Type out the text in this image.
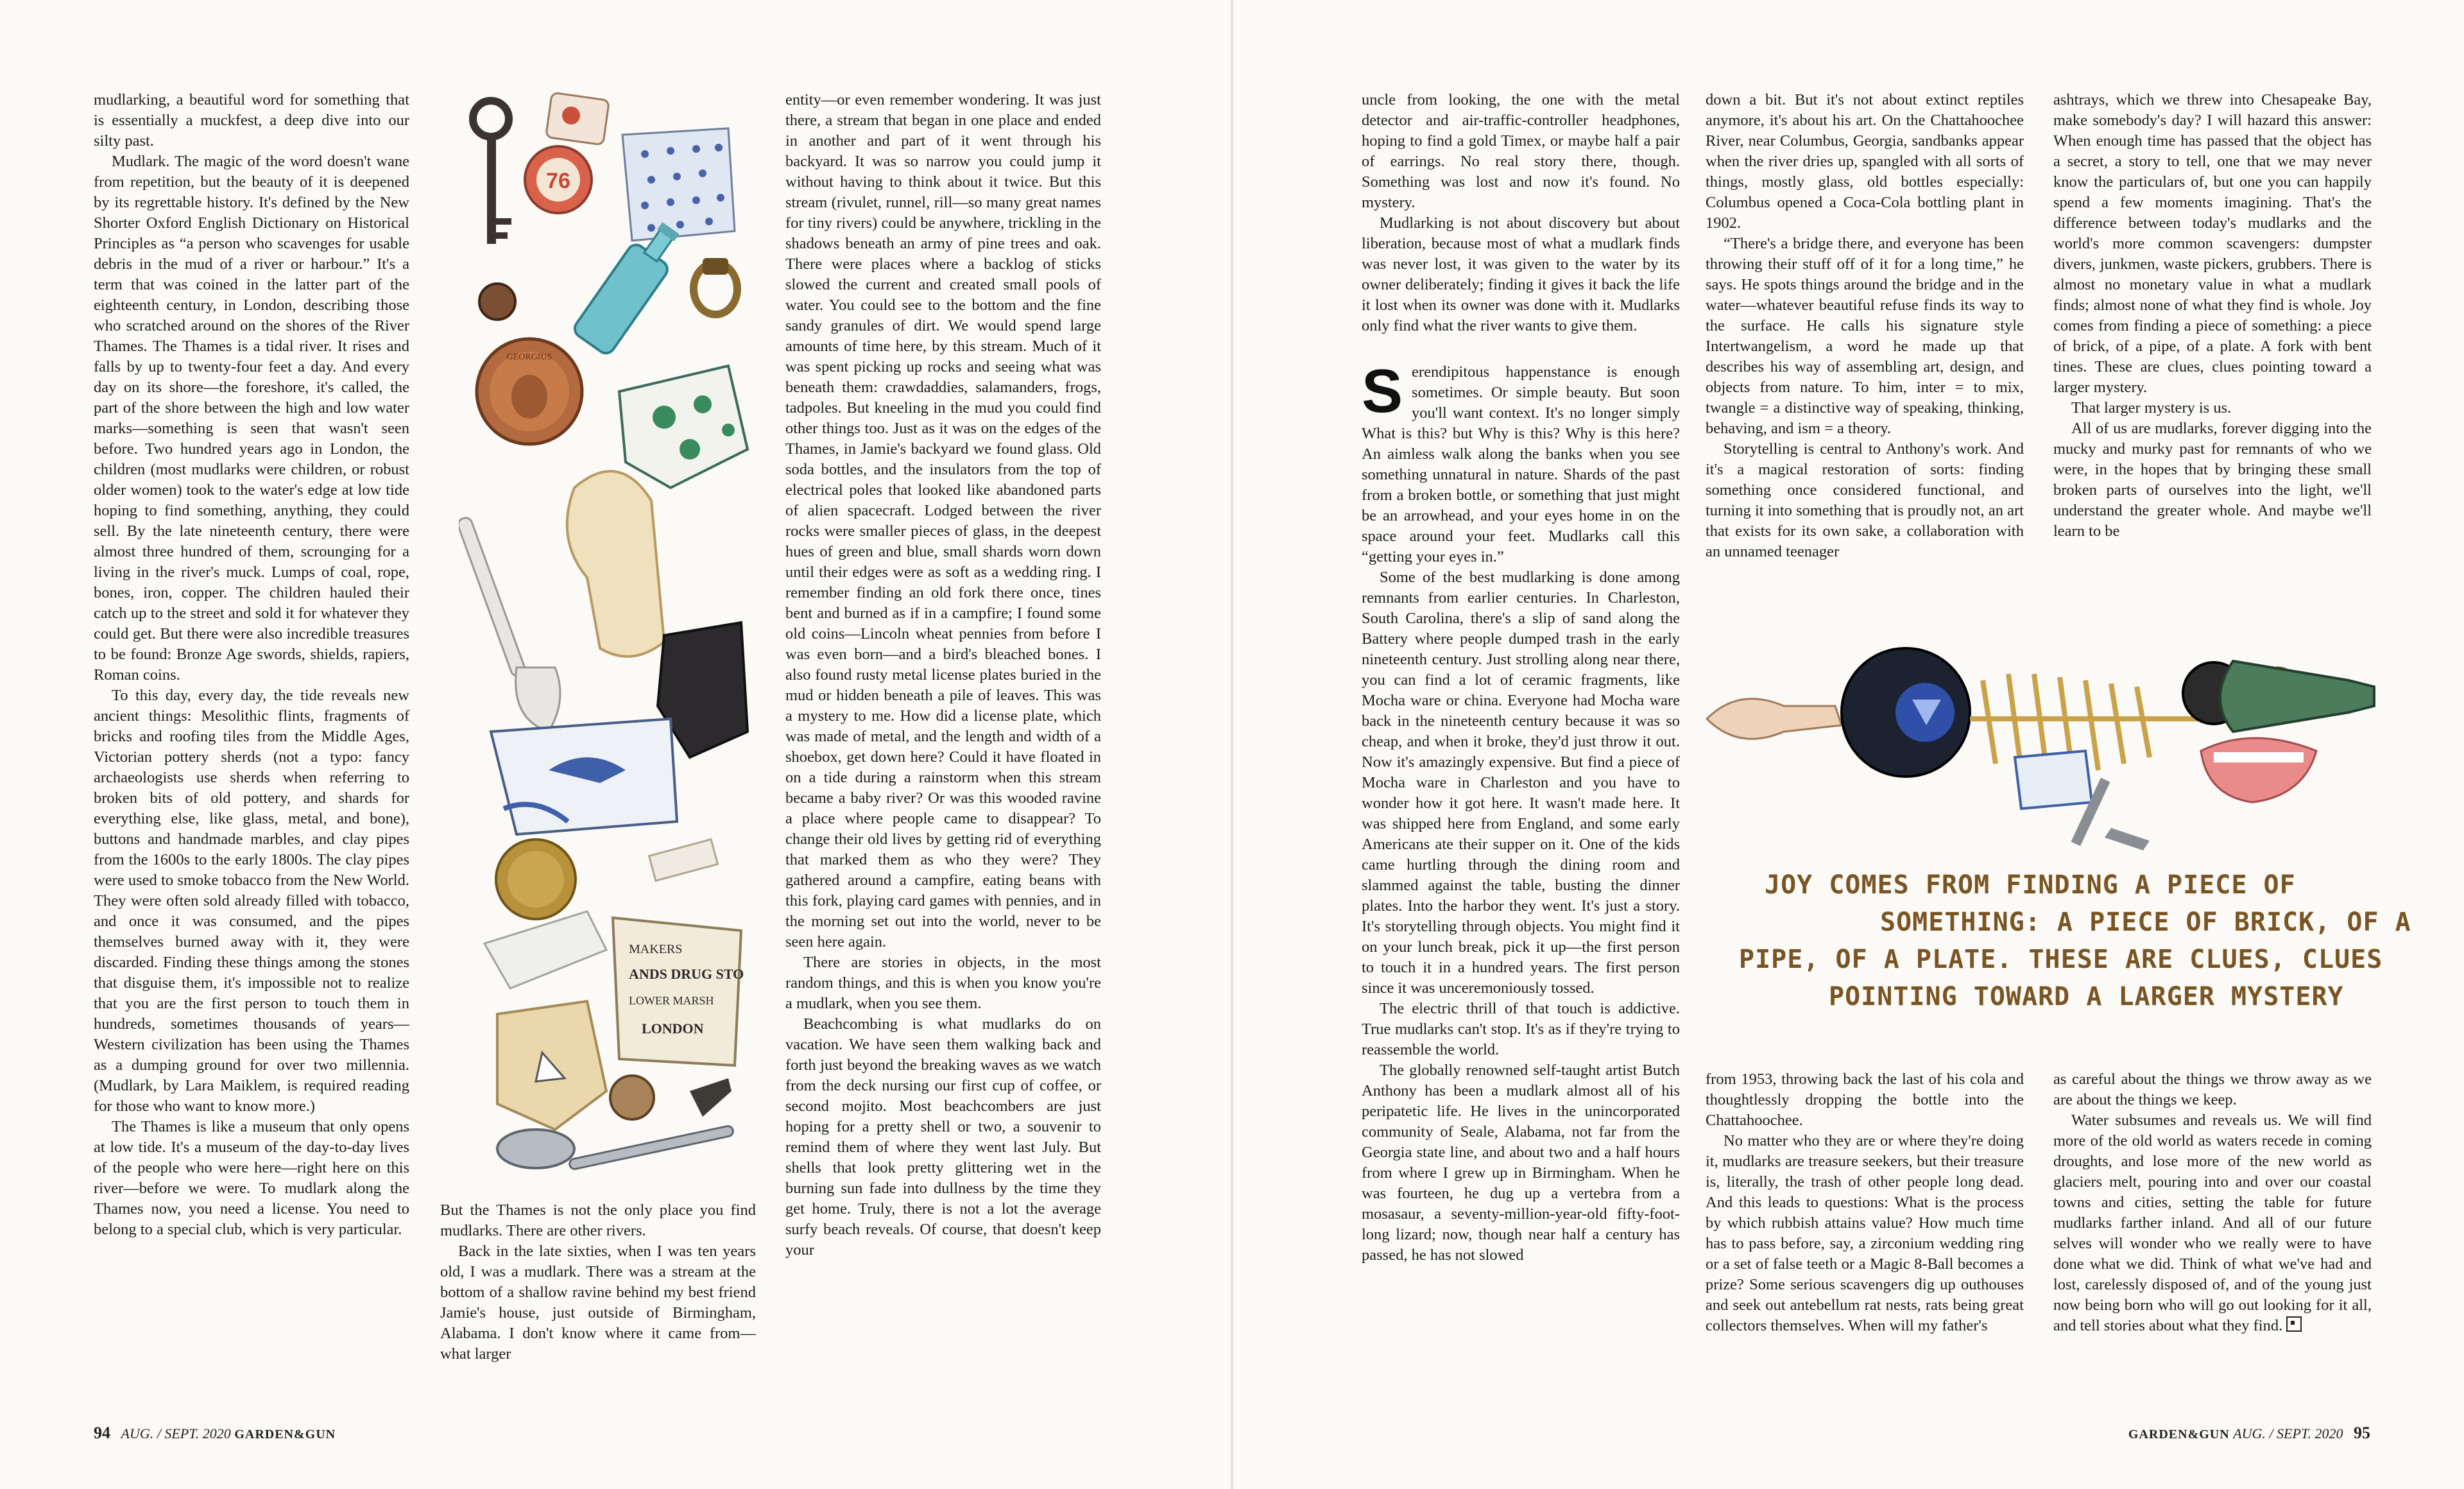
mudlarking, a beautiful word for something that is essentially a muckfest, a deep dive into our silty past.

Mudlark. The magic of the word doesn't wane from repetition, but the beauty of it is deepened by its regrettable history. It's defined by the New Shorter Oxford English Dictionary on Historical Principles as “a person who scavenges for usable debris in the mud of a river or harbour.” It's a term that was coined in the latter part of the eighteenth century, in London, describing those who scratched around on the shores of the River Thames. The Thames is a tidal river. It rises and falls by up to twenty-four feet a day. And every day on its shore—the foreshore, it's called, the part of the shore between the high and low water marks—something is seen that wasn't seen before. Two hundred years ago in London, the children (most mudlarks were children, or robust older women) took to the water's edge at low tide hoping to find something, anything, they could sell. By the late nineteenth century, there were almost three hundred of them, scrounging for a living in the river's muck. Lumps of coal, rope, bones, iron, copper. The children hauled their catch up to the street and sold it for whatever they could get. But there were also incredible treasures to be found: Bronze Age swords, shields, rapiers, Roman coins.

To this day, every day, the tide reveals new ancient things: Mesolithic flints, fragments of bricks and roofing tiles from the Middle Ages, Victorian pottery sherds (not a typo: fancy archaeologists use sherds when referring to broken bits of old pottery, and shards for everything else, like glass, metal, and bone), buttons and handmade marbles, and clay pipes from the 1600s to the early 1800s. The clay pipes were used to smoke tobacco from the New World. They were often sold already filled with tobacco, and once it was consumed, and the pipes themselves burned away with it, they were discarded. Finding these things among the stones that disguise them, it's impossible not to realize that you are the first person to touch them in hundreds, sometimes thousands of years—Western civilization has been using the Thames as a dumping ground for over two millennia. (Mudlark, by Lara Maiklem, is required reading for those who want to know more.)

The Thames is like a museum that only opens at low tide. It's a museum of the day-to-day lives of the people who were here—right here on this river—before we were. To mudlark along the Thames now, you need a license. You need to belong to a special club, which is very particular.

76
GEORGIUS
MAKERS
ANDS DRUG STO
LOWER MARSH
LONDON

But the Thames is not the only place you find mudlarks. There are other rivers.

Back in the late sixties, when I was ten years old, I was a mudlark. There was a stream at the bottom of a shallow ravine behind my best friend Jamie's house, just outside of Birmingham, Alabama. I don't know where it came from—what larger

entity—or even remember wondering. It was just there, a stream that began in one place and ended in another and part of it went through his backyard. It was so narrow you could jump it without having to think about it twice. But this stream (rivulet, runnel, rill—so many great names for tiny rivers) could be anywhere, trickling in the shadows beneath an army of pine trees and oak. There were places where a backlog of sticks slowed the current and created small pools of water. You could see to the bottom and the fine sandy granules of dirt. We would spend large amounts of time here, by this stream. Much of it was spent picking up rocks and seeing what was beneath them: crawdaddies, salamanders, frogs, tadpoles. But kneeling in the mud you could find other things too. Just as it was on the edges of the Thames, in Jamie's backyard we found glass. Old soda bottles, and the insulators from the top of electrical poles that looked like abandoned parts of alien spacecraft. Lodged between the river rocks were smaller pieces of glass, in the deepest hues of green and blue, small shards worn down until their edges were as soft as a wedding ring. I remember finding an old fork there once, tines bent and burned as if in a campfire; I found some old coins—Lincoln wheat pennies from before I was even born—and a bird's bleached bones. I also found rusty metal license plates buried in the mud or hidden beneath a pile of leaves. This was a mystery to me. How did a license plate, which was made of metal, and the length and width of a shoebox, get down here? Could it have floated in on a tide during a rainstorm when this stream became a baby river? Or was this wooded ravine a place where people came to disappear? To change their old lives by getting rid of everything that marked them as who they were? They gathered around a campfire, eating beans with this fork, playing card games with pennies, and in the morning set out into the world, never to be seen here again.

There are stories in objects, in the most random things, and this is when you know you're a mudlark, when you see them.

Beachcombing is what mudlarks do on vacation. We have seen them walking back and forth just beyond the breaking waves as we watch from the deck nursing our first cup of coffee, or second mojito. Most beachcombers are just hoping for a pretty shell or two, a souvenir to remind them of where they went last July. But shells that look pretty glittering wet in the burning sun fade into dullness by the time they get home. Truly, there is not a lot the average surfy beach reveals. Of course, that doesn't keep your

94 AUG. / SEPT. 2020 GARDEN&GUN

uncle from looking, the one with the metal detector and air-traffic-controller headphones, hoping to find a gold Timex, or maybe half a pair of earrings. No real story there, though. Something was lost and now it's found. No mystery.

Mudlarking is not about discovery but about liberation, because most of what a mudlark finds was never lost, it was given to the water by its owner deliberately; finding it gives it back the life it lost when its owner was done with it. Mudlarks only find what the river wants to give them.

Serendipitous happenstance is enough sometimes. Or simple beauty. But soon you'll want context. It's no longer simply What is this? but Why is this? Why is this here? An aimless walk along the banks when you see something unnatural in nature. Shards of the past from a broken bottle, or something that just might be an arrowhead, and your eyes home in on the space around your feet. Mudlarks call this “getting your eyes in.”

Some of the best mudlarking is done among remnants from earlier centuries. In Charleston, South Carolina, there's a slip of sand along the Battery where people dumped trash in the early nineteenth century. Just strolling along near there, you can find a lot of ceramic fragments, like Mocha ware or china. Everyone had Mocha ware back in the nineteenth century because it was so cheap, and when it broke, they'd just throw it out. Now it's amazingly expensive. But find a piece of Mocha ware in Charleston and you have to wonder how it got here. It wasn't made here. It was shipped here from England, and some early Americans ate their supper on it. One of the kids came hurtling through the dining room and slammed against the table, busting the dinner plates. Into the harbor they went. It's just a story. It's storytelling through objects. You might find it on your lunch break, pick it up—the first person to touch it in a hundred years. The first person since it was unceremoniously tossed.

The electric thrill of that touch is addictive. True mudlarks can't stop. It's as if they're trying to reassemble the world.

The globally renowned self-taught artist Butch Anthony has been a mudlark almost all of his peripatetic life. He lives in the unincorporated community of Seale, Alabama, not far from the Georgia state line, and about two and a half hours from where I grew up in Birmingham. When he was fourteen, he dug up a vertebra from a mosasaur, a seventy-million-year-old fifty-foot-long lizard; now, though near half a century has passed, he has not slowed

down a bit. But it's not about extinct reptiles anymore, it's about his art. On the Chattahoochee River, near Columbus, Georgia, sandbanks appear when the river dries up, spangled with all sorts of things, mostly glass, old bottles especially: Columbus opened a Coca-Cola bottling plant in 1902.

“There's a bridge there, and everyone has been throwing their stuff off of it for a long time,” he says. He spots things around the bridge and in the water—whatever beautiful refuse finds its way to the surface. He calls his signature style Intertwangelism, a word he made up that describes his way of assembling art, design, and objects from nature. To him, inter = to mix, twangle = a distinctive way of speaking, thinking, behaving, and ism = a theory.

Storytelling is central to Anthony's work. And it's a magical restoration of sorts: finding something once considered functional, and turning it into something that is proudly not, an art that exists for its own sake, a collaboration with an unnamed teenager

ashtrays, which we threw into Chesapeake Bay, make somebody's day? I will hazard this answer: When enough time has passed that the object has a secret, a story to tell, one that we may never know the particulars of, but one you can happily spend a few moments imagining. That's the difference between today's mudlarks and the world's more common scavengers: dumpster divers, junkmen, waste pickers, grubbers. There is almost no monetary value in what a mudlark finds; almost none of what they find is whole. Joy comes from finding a piece of something: a piece of brick, of a pipe, of a plate. A fork with bent tines. These are clues, clues pointing toward a larger mystery.

That larger mystery is us.

All of us are mudlarks, forever digging into the mucky and murky past for remnants of who we were, in the hopes that by bringing these small broken parts of ourselves into the light, we'll understand the greater whole. And maybe we'll learn to be

JOY COMES FROM FINDING A PIECE OF
SOMETHING: A PIECE OF BRICK, OF A
PIPE, OF A PLATE. THESE ARE CLUES, CLUES
POINTING TOWARD A LARGER MYSTERY

from 1953, throwing back the last of his cola and thoughtlessly dropping the bottle into the Chattahoochee.

No matter who they are or where they're doing it, mudlarks are treasure seekers, but their treasure is, literally, the trash of other people long dead. And this leads to questions: What is the process by which rubbish attains value? How much time has to pass before, say, a zirconium wedding ring or a set of false teeth or a Magic 8-Ball becomes a prize? Some serious scavengers dig up outhouses and seek out antebellum rat nests, rats being great collectors themselves. When will my father's

as careful about the things we throw away as we are about the things we keep.

Water subsumes and reveals us. We will find more of the old world as waters recede in coming droughts, and lose more of the new world as glaciers melt, pouring into and over our coastal towns and cities, setting the table for future mudlarks farther inland. And all of our future selves will wonder who we really were to have done what we did. Think of what we've had and lost, carelessly disposed of, and of the young just now being born who will go out looking for it all, and tell stories about what they find.

GARDEN&GUN AUG. / SEPT. 2020 95
